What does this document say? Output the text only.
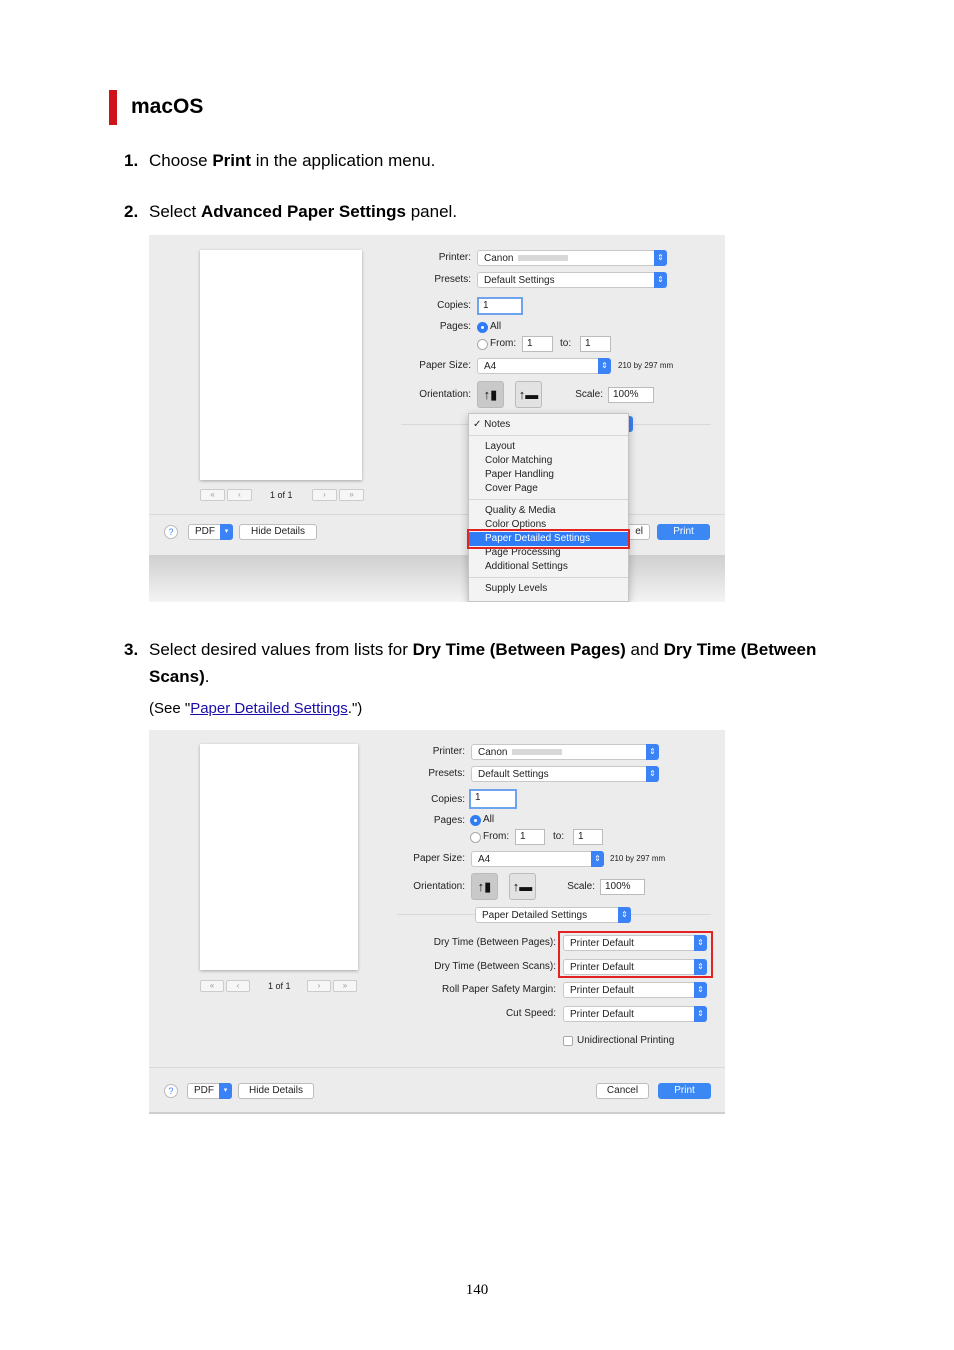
macOS
1. Choose Print in the application menu.
2. Select Advanced Paper Settings panel.
«	‹	1 of 1	›	»
Printer:	Canon	⇕
Presets:	Default Settings	⇕
Copies:	1
Pages: All
From:	1	to:	1
Paper Size:	A4	⇕	210 by 297 mm
Orientation: ↑▮	↑▬	Scale:	100%
?	PDF	▾	Hide Details	el	Print
✓ Notes
Layout
Color Matching
Paper Handling
Cover Page
Quality & Media
Color Options
Paper Detailed Settings
Page Processing
Additional Settings
Supply Levels
3. Select desired values from lists for Dry Time (Between Pages) and Dry Time (Between Scans).
(See "Paper Detailed Settings.")
«	‹	1 of 1	›	»
Printer:	Canon	⇕
Presets:	Default Settings	⇕
Copies:	1
Pages: All
From:	1	to:	1
Paper Size:	A4	⇕	210 by 297 mm
Orientation: ↑▮	↑▬	Scale:	100%
Paper Detailed Settings	⇕
Dry Time (Between Pages):	Printer Default	⇕
Dry Time (Between Scans):	Printer Default	⇕
Roll Paper Safety Margin:	Printer Default	⇕
Cut Speed:	Printer Default	⇕
Unidirectional Printing
?	PDF	▾	Hide Details	Cancel	Print
140
